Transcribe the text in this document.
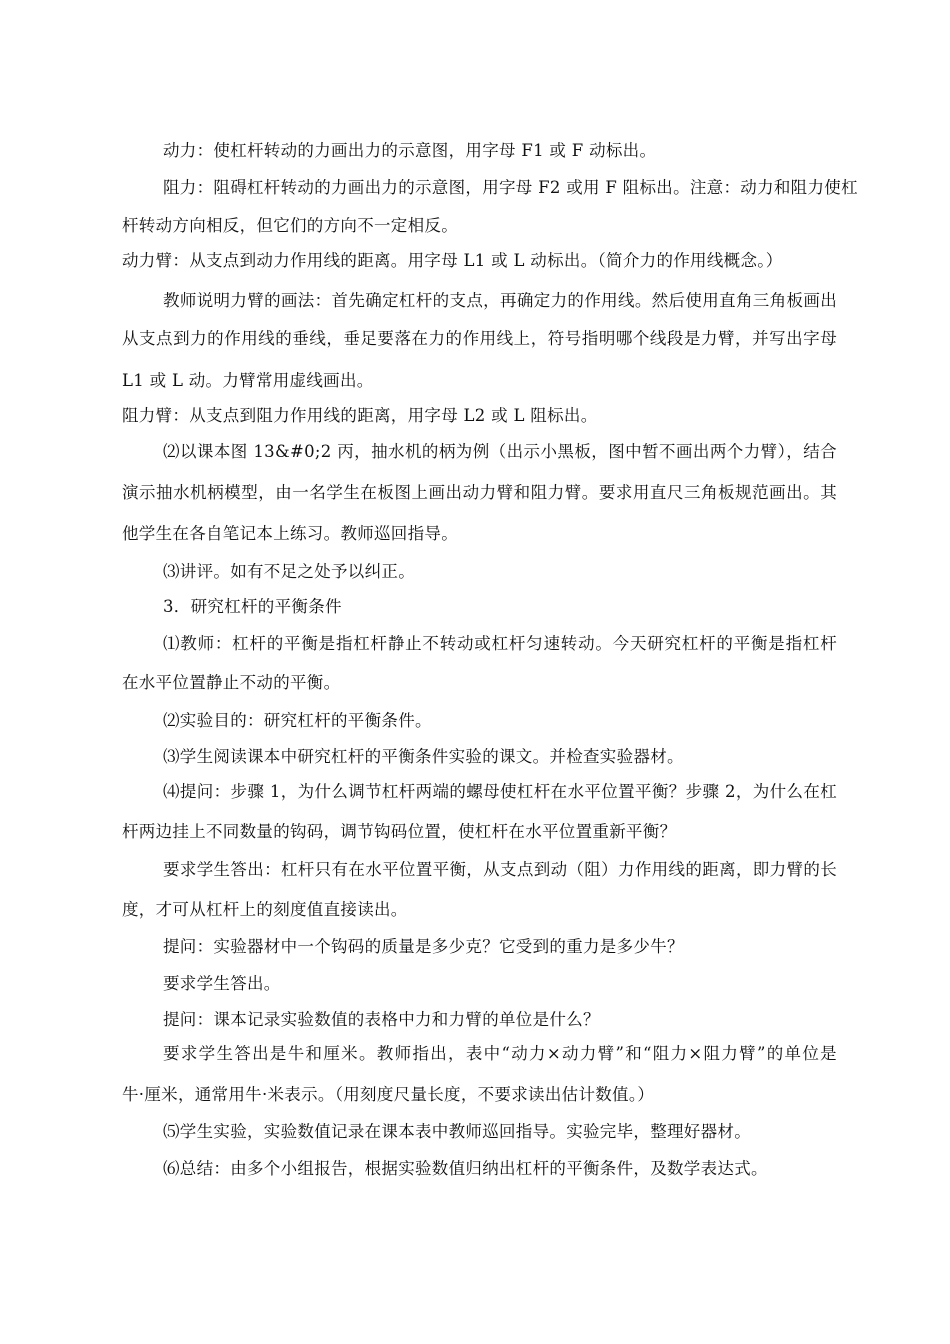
动力：使杠杆转动的力画出力的示意图，用字母 F1 或 F 动标出。
阻力：阻碍杠杆转动的力画出力的示意图，用字母 F2 或用 F 阻标出。注意：动力和阻力使杠
杆转动方向相反，但它们的方向不一定相反。
动力臂：从支点到动力作用线的距离。用字母 L1 或 L 动标出。（简介力的作用线概念。）
教师说明力臂的画法：首先确定杠杆的支点，再确定力的作用线。然后使用直角三角板画出
从支点到力的作用线的垂线，垂足要落在力的作用线上，符号指明哪个线段是力臂，并写出字母
L1 或 L 动。力臂常用虚线画出。
阻力臂：从支点到阻力作用线的距离，用字母 L2 或 L 阻标出。
⑵以课本图 13&#0;2 丙，抽水机的柄为例（出示小黑板，图中暂不画出两个力臂），结合
演示抽水机柄模型，由一名学生在板图上画出动力臂和阻力臂。要求用直尺三角板规范画出。其
他学生在各自笔记本上练习。教师巡回指导。
⑶讲评。如有不足之处予以纠正。
3．研究杠杆的平衡条件
⑴教师：杠杆的平衡是指杠杆静止不转动或杠杆匀速转动。今天研究杠杆的平衡是指杠杆
在水平位置静止不动的平衡。
⑵实验目的：研究杠杆的平衡条件。
⑶学生阅读课本中研究杠杆的平衡条件实验的课文。并检查实验器材。
⑷提问：步骤 1，为什么调节杠杆两端的螺母使杠杆在水平位置平衡？步骤 2，为什么在杠
杆两边挂上不同数量的钩码，调节钩码位置，使杠杆在水平位置重新平衡？
要求学生答出：杠杆只有在水平位置平衡，从支点到动（阻）力作用线的距离，即力臂的长
度，才可从杠杆上的刻度值直接读出。
提问：实验器材中一个钩码的质量是多少克？它受到的重力是多少牛？
要求学生答出。
提问：课本记录实验数值的表格中力和力臂的单位是什么？
要求学生答出是牛和厘米。教师指出，表中“动力×动力臂”和“阻力×阻力臂”的单位是
牛·厘米，通常用牛·米表示。（用刻度尺量长度，不要求读出估计数值。）
⑸学生实验，实验数值记录在课本表中教师巡回指导。实验完毕，整理好器材。
⑹总结：由多个小组报告，根据实验数值归纳出杠杆的平衡条件，及数学表达式。
